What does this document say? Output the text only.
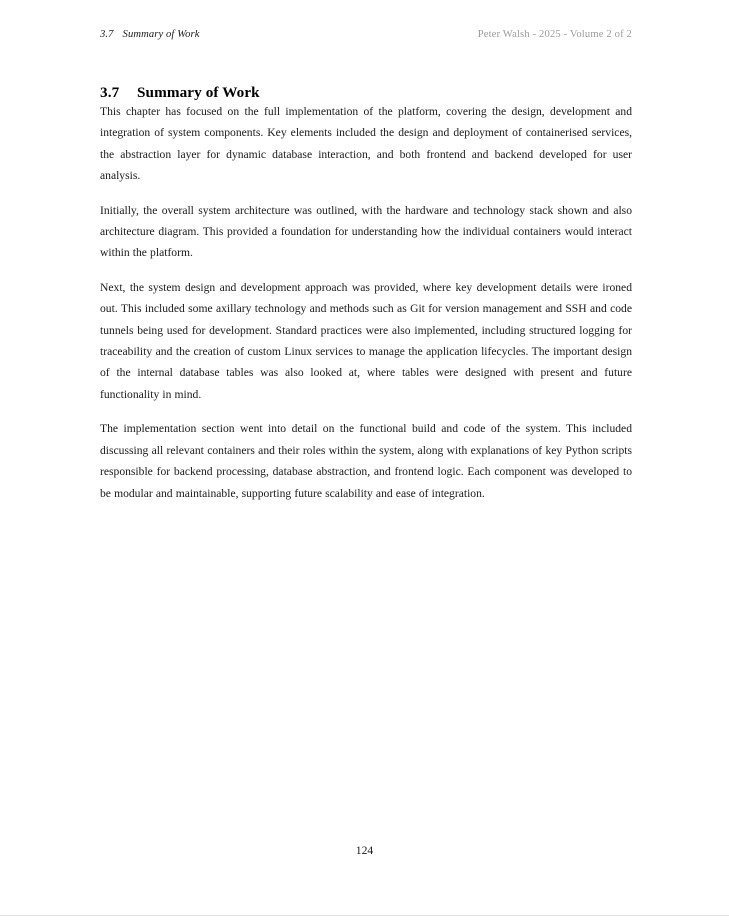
3.7 Summary of Work	Peter Walsh - 2025 - Volume 2 of 2
3.7 Summary of Work

This chapter has focused on the full implementation of the platform, covering the design, development and integration of system components. Key elements included the design and deployment of containerised services, the abstraction layer for dynamic database interaction, and both frontend and backend developed for user analysis.

Initially, the overall system architecture was outlined, with the hardware and technology stack shown and also architecture diagram. This provided a foundation for understanding how the individual containers would interact within the platform.

Next, the system design and development approach was provided, where key development details were ironed out. This included some axillary technology and methods such as Git for version management and SSH and code tunnels being used for development. Standard practices were also implemented, including structured logging for traceability and the creation of custom Linux services to manage the application lifecycles. The important design of the internal database tables was also looked at, where tables were designed with present and future functionality in mind.

The implementation section went into detail on the functional build and code of the system. This included discussing all relevant containers and their roles within the system, along with explanations of key Python scripts responsible for backend processing, database abstraction, and frontend logic. Each component was developed to be modular and maintainable, supporting future scalability and ease of integration.

124
